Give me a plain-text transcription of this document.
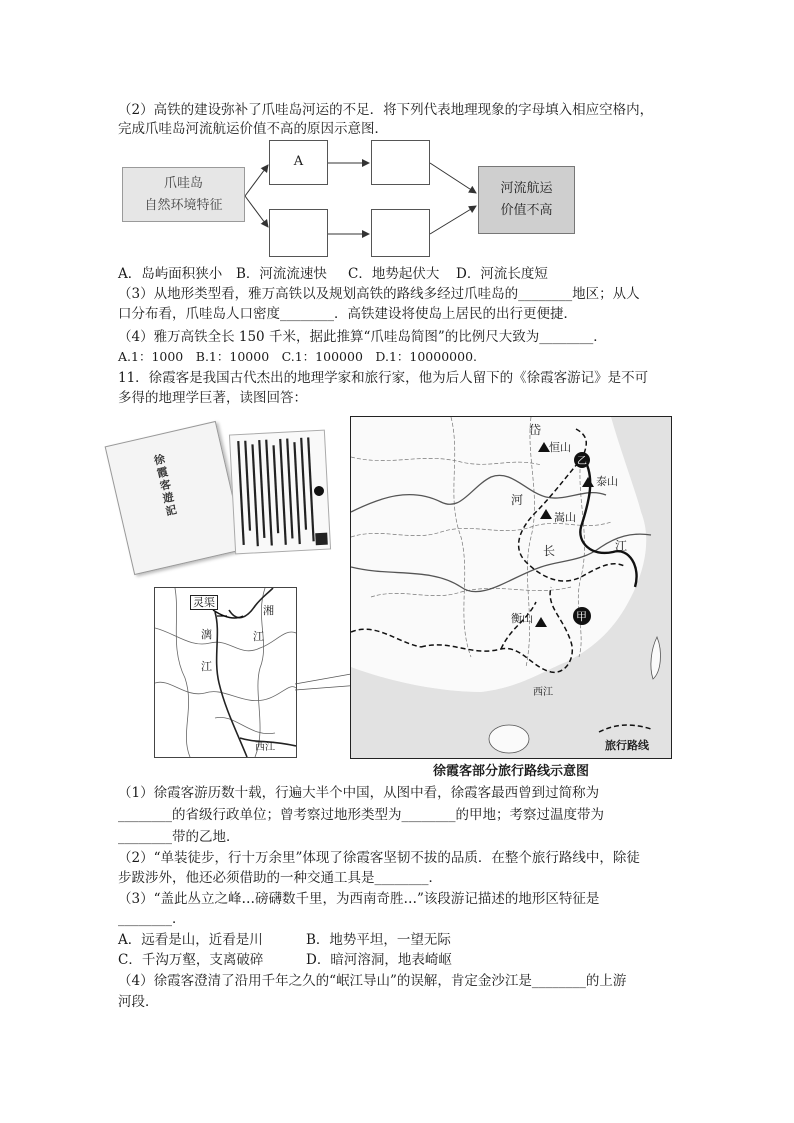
（2）高铁的建设弥补了爪哇岛河运的不足．将下列代表地理现象的字母填入相应空格内，
完成爪哇岛河流航运价值不高的原因示意图．
爪哇岛
自然环境特征
A
河流航运
价值不高
A．岛屿面积狭小 B．河流流速快 C．地势起伏大 D．河流长度短
（3）从地形类型看，雅万高铁以及规划高铁的路线多经过爪哇岛的________地区；从人
口分布看，爪哇岛人口密度________．高铁建设将使岛上居民的出行更便捷．
（4）雅万高铁全长 150 千米，据此推算“爪哇岛简图”的比例尺大致为________．
A.1：1000　B.1：10000　C.1：100000　D.1：10000000.
11．徐霞客是我国古代杰出的地理学家和旅行家，他为后人留下的《徐霞客游记》是不可
多得的地理学巨著，读图回答：
徐霞客遊記
灵渠
漓
江
湘
江
西江
岱
恒山
乙
泰山
嵩山
河
长	江
衡山	甲
西江
旅行路线
徐霞客部分旅行路线示意图
（1）徐霞客游历数十载，行遍大半个中国，从图中看，徐霞客最西曾到过简称为
________的省级行政单位；曾考察过地形类型为________的甲地；考察过温度带为
________带的乙地．
（2）“单装徒步，行十万余里”体现了徐霞客坚韧不拔的品质．在整个旅行路线中，除徒
步跋涉外，他还必须借助的一种交通工具是________．
（3）“盖此丛立之峰…磅礴数千里，为西南奇胜…”该段游记描述的地形区特征是
________．
A．远看是山，近看是川	B．地势平坦，一望无际
C．千沟万壑，支离破碎	D．暗河溶洞，地表崎岖
（4）徐霞客澄清了沿用千年之久的“岷江导山”的误解，肯定金沙江是________的上游
河段．
